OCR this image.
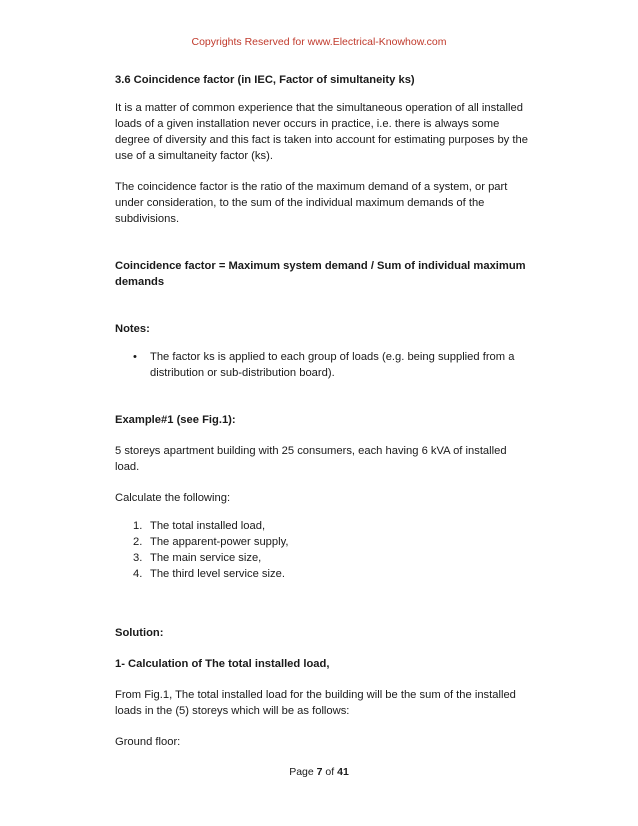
Copyrights Reserved for www.Electrical-Knowhow.com

3.6 Coincidence factor (in IEC, Factor of simultaneity ks)

It is a matter of common experience that the simultaneous operation of all installed loads of a given installation never occurs in practice, i.e. there is always some degree of diversity and this fact is taken into account for estimating purposes by the use of a simultaneity factor (ks).

The coincidence factor is the ratio of the maximum demand of a system, or part under consideration, to the sum of the individual maximum demands of the subdivisions.

Coincidence factor = Maximum system demand / Sum of individual maximum demands

Notes:

• The factor ks is applied to each group of loads (e.g. being supplied from a distribution or sub-distribution board).

Example#1 (see Fig.1):

5 storeys apartment building with 25 consumers, each having 6 kVA of installed load.

Calculate the following:

1. The total installed load,
2. The apparent-power supply,
3. The main service size,
4. The third level service size.

Solution:

1- Calculation of The total installed load,

From Fig.1, The total installed load for the building will be the sum of the installed loads in the (5) storeys which will be as follows:

Ground floor:

Page 7 of 41
